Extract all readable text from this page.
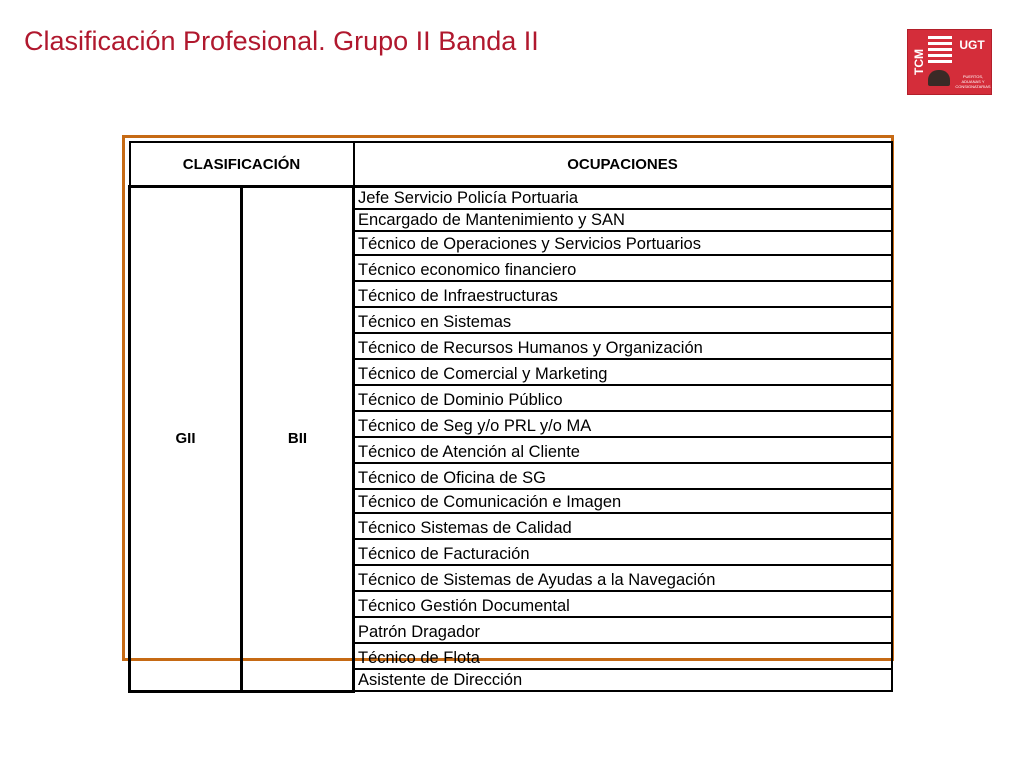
Clasificación Profesional. Grupo II Banda II
TCM
UGT
PUERTOS, ADUANAS Y CONSIGNATARIAS
CLASIFICACIÓN		OCUPACIONES
GII	BII	Jefe Servicio Policía Portuaria
		Encargado de Mantenimiento y SAN
		Técnico de Operaciones y Servicios Portuarios
		Técnico economico financiero
		Técnico de Infraestructuras
		Técnico en Sistemas
		Técnico de Recursos Humanos y Organización
		Técnico de Comercial y Marketing
		Técnico de Dominio Público
		Técnico de Seg y/o PRL y/o MA
		Técnico de Atención al Cliente
		Técnico de Oficina de SG
		Técnico de Comunicación e Imagen
		Técnico Sistemas de Calidad
		Técnico de Facturación
		Técnico de Sistemas de Ayudas a la Navegación
		Técnico Gestión Documental
		Patrón Dragador
		Técnico de Flota
		Asistente de Dirección
